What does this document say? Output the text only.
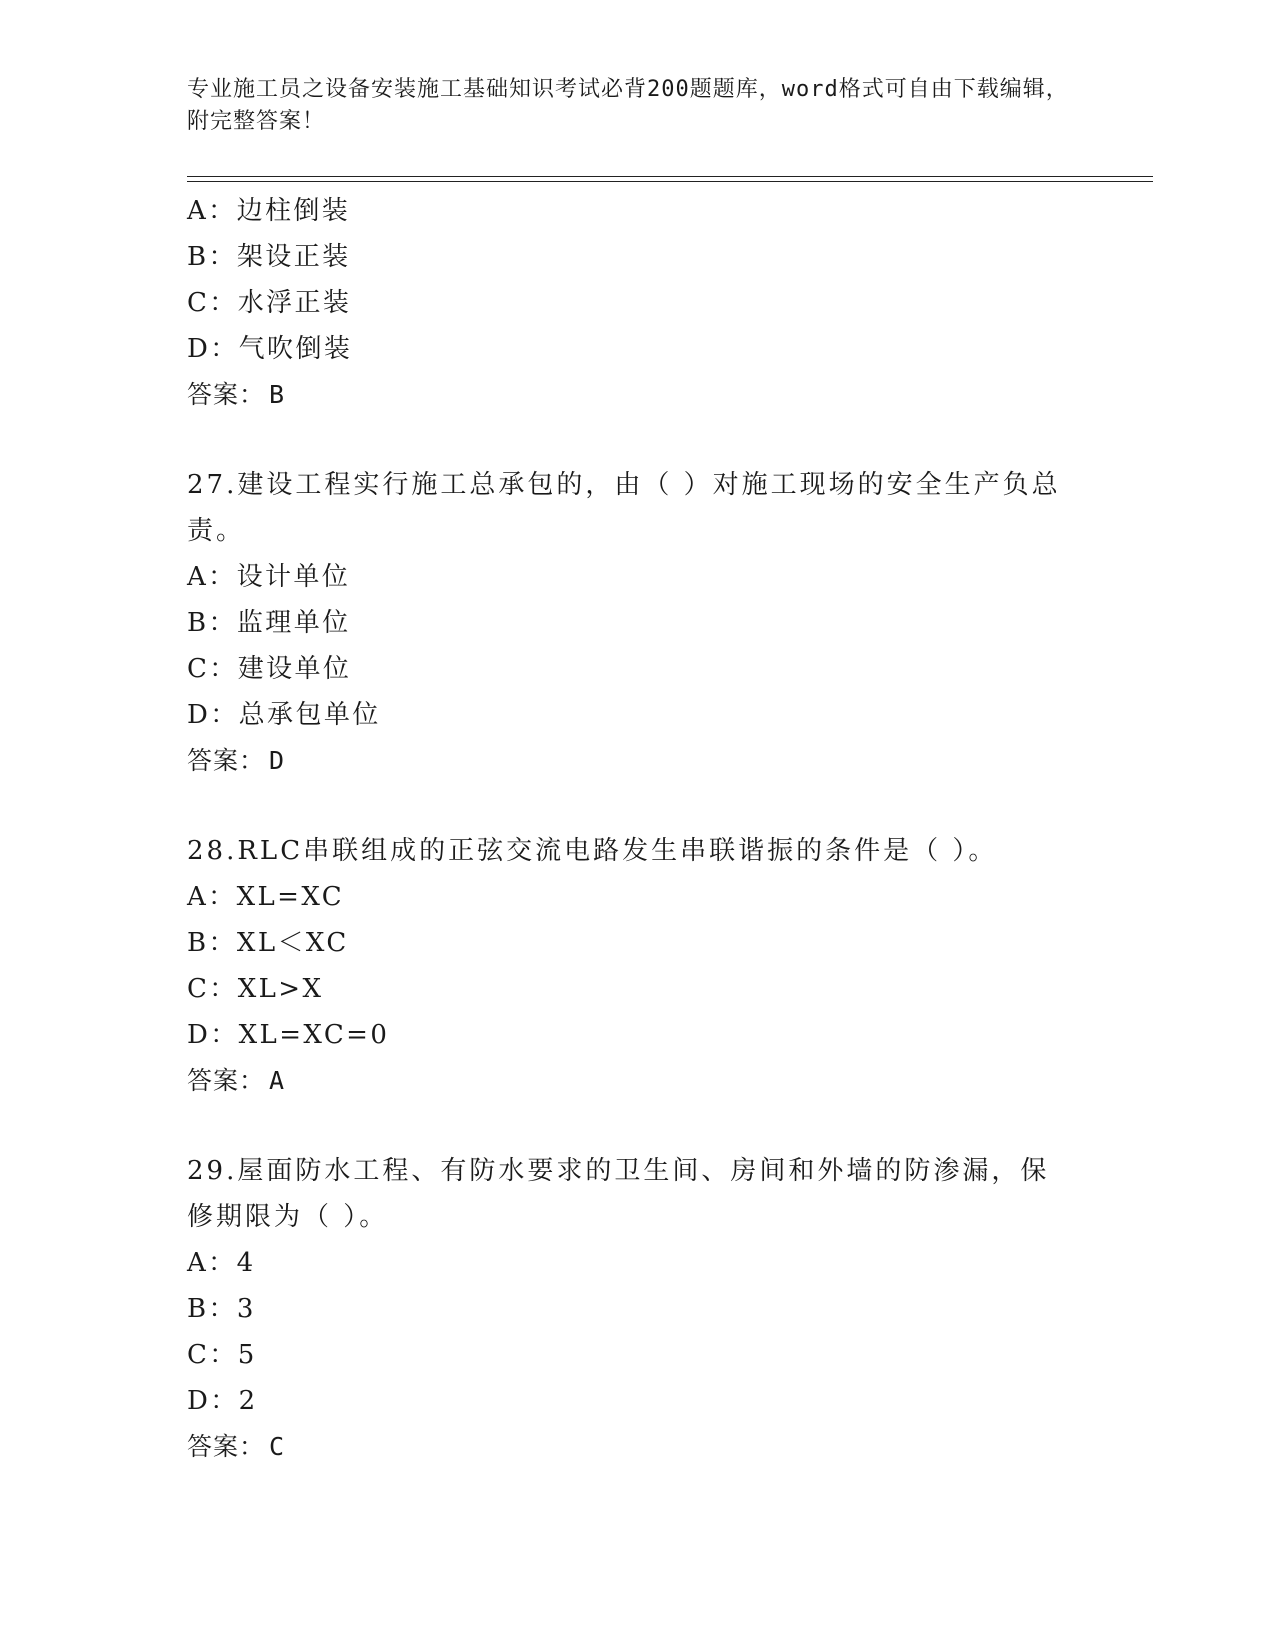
专业施工员之设备安装施工基础知识考试必背200题题库，word格式可自由下载编辑，附完整答案！
A：边柱倒装
B：架设正装
C：水浮正装
D：气吹倒装
答案： B
27.建设工程实行施工总承包的，由（ ）对施工现场的安全生产负总责。
A：设计单位
B：监理单位
C：建设单位
D：总承包单位
答案： D
28.RLC串联组成的正弦交流电路发生串联谐振的条件是（ ）。
A：XL=XC
B：XL＜XC
C：XL>X
D：XL=XC=0
答案： A
29.屋面防水工程、有防水要求的卫生间、房间和外墙的防渗漏，保修期限为（ ）。
A：4
B：3
C：5
D：2
答案： C
